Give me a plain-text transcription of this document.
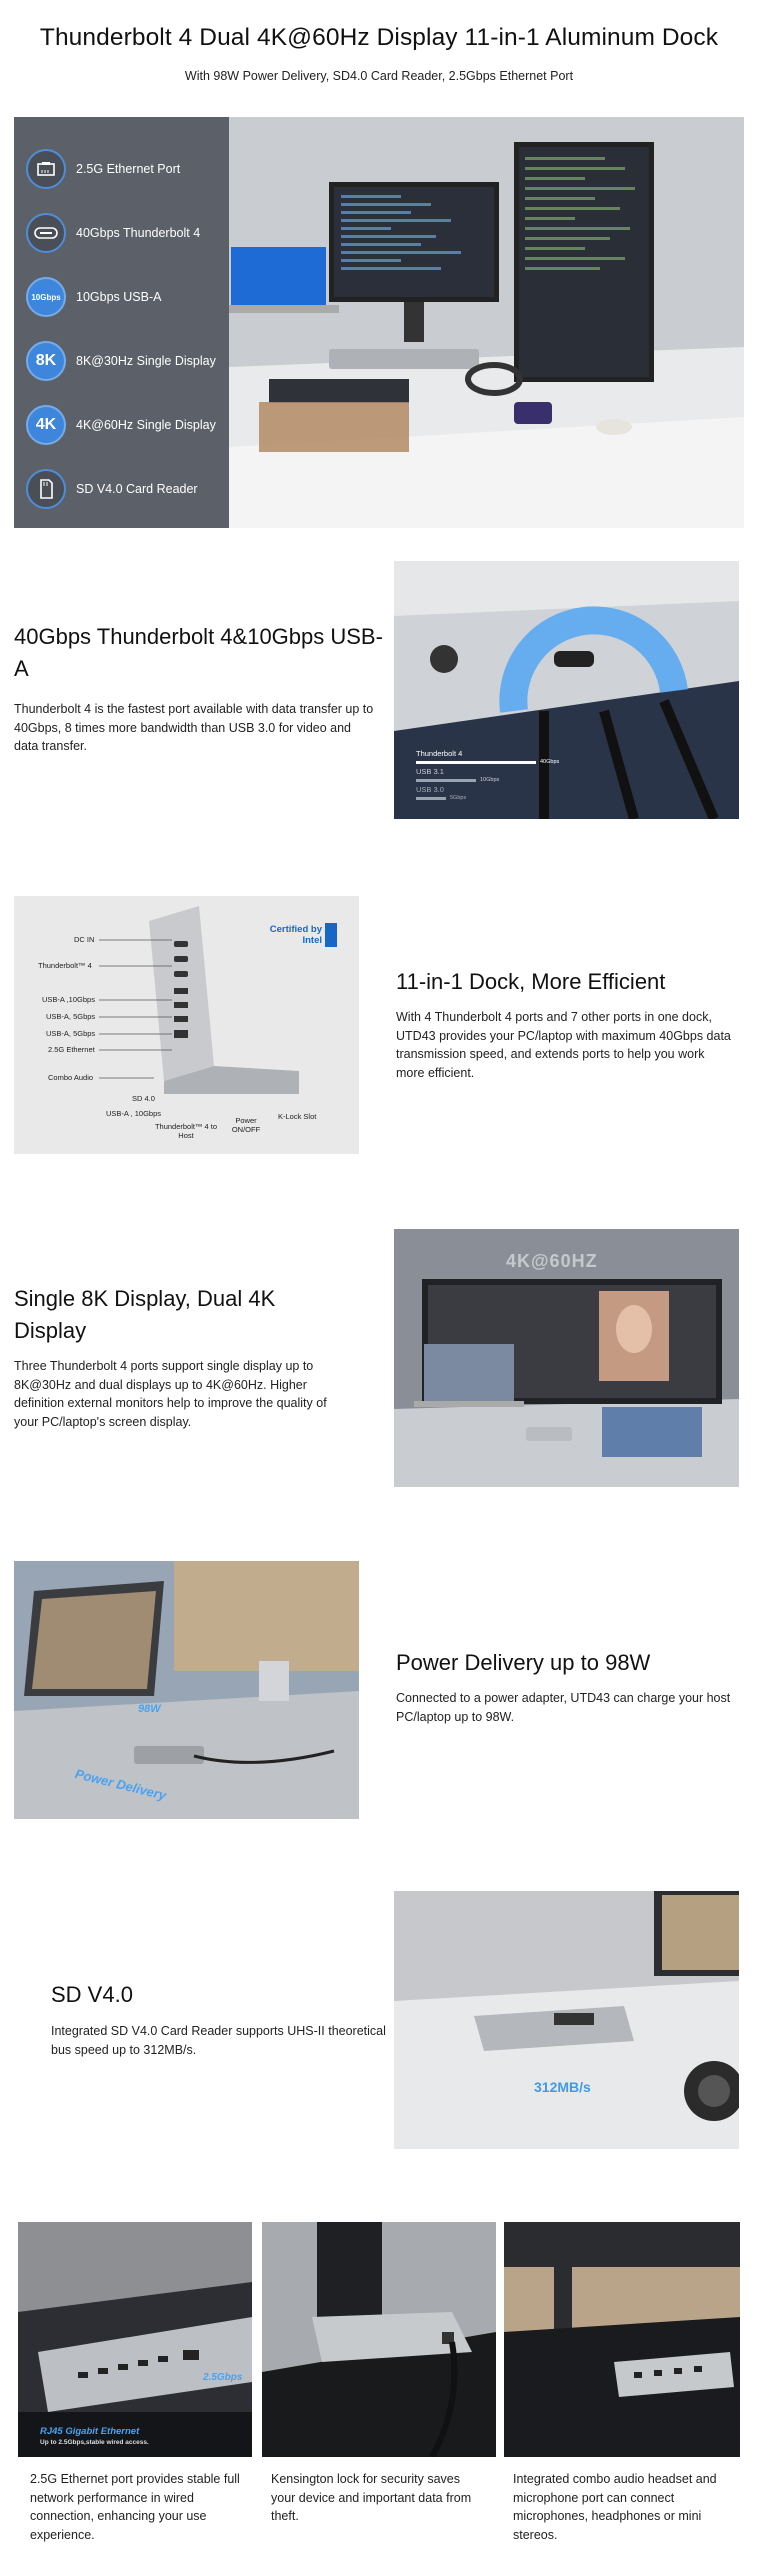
Thunderbolt 4 Dual 4K@60Hz Display 11-in-1 Aluminum Dock
With 98W Power Delivery, SD4.0 Card Reader, 2.5Gbps Ethernet Port
2.5G Ethernet Port
40Gbps Thunderbolt 4
10Gbps 10Gbps USB-A
8K 8K@30Hz Single Display
4K 4K@60Hz Single Display
SD V4.0 Card Reader
40Gbps Thunderbolt 4&10Gbps USB-A
Thunderbolt 4 is the fastest port available with data transfer up to 40Gbps, 8 times more bandwidth than USB 3.0 for video and data transfer.
Thunderbolt 4
40Gbps
USB 3.1
10Gbps
USB 3.0
5Gbps
Certified by Intel
DC IN
Thunderbolt™ 4
USB-A ,10Gbps
USB-A, 5Gbps
USB-A, 5Gbps
2.5G Ethernet
Combo Audio
SD 4.0
USB-A , 10Gbps
Thunderbolt™ 4 to Host
Power ON/OFF
K-Lock Slot
11-in-1 Dock, More Efficient
With 4 Thunderbolt 4 ports and 7 other ports in one dock, UTD43 provides your PC/laptop with maximum 40Gbps data transmission speed, and extends ports to help you work more efficient.
Single 8K Display, Dual 4K Display
Three Thunderbolt 4 ports support single display up to 8K@30Hz and dual displays up to 4K@60Hz. Higher definition external monitors help to improve the quality of your PC/laptop's screen display.
4K@60HZ
98W
Power Delivery
Power Delivery up to 98W
Connected to a power adapter, UTD43 can charge your host PC/laptop up to 98W.
SD V4.0
Integrated SD V4.0 Card Reader supports UHS-II theoretical bus speed up to 312MB/s.
312MB/s
2.5Gbps
RJ45 Gigabit Ethernet
Up to 2.5Gbps,stable wired access.
2.5G Ethernet port provides stable full network performance in wired connection, enhancing your use experience.
Kensington lock for security saves your device and important data from theft.
Integrated combo audio headset and microphone port can connect microphones, headphones or mini stereos.
